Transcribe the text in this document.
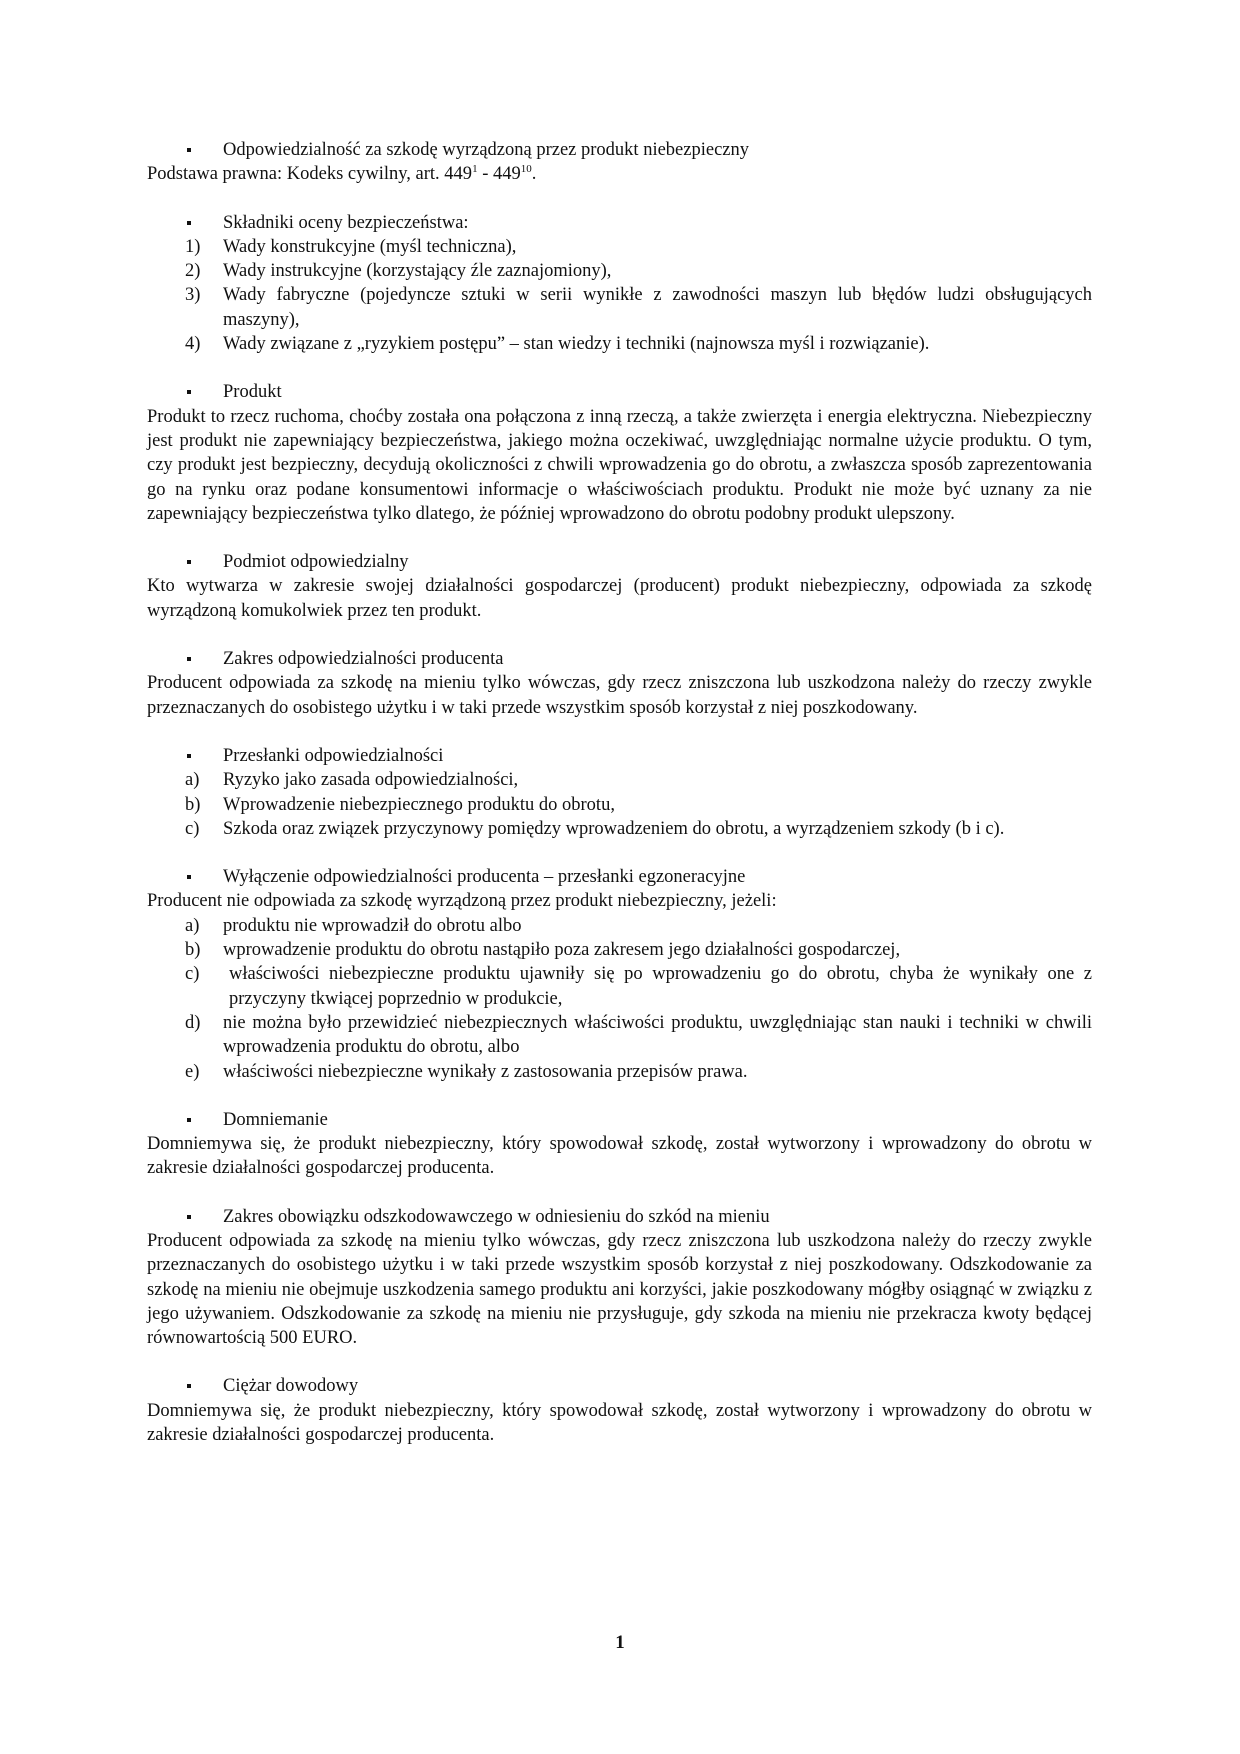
Odpowiedzialność za szkodę wyrządzoną przez produkt niebezpieczny
Podstawa prawna: Kodeks cywilny, art. $449^1 - 449^{10}$.
Składniki oceny bezpieczeństwa:
1) Wady konstrukcyjne (myśl techniczna),
2) Wady instrukcyjne (korzystający źle zaznajomiony),
3) Wady fabryczne (pojedyncze sztuki w serii wynikłe z zawodności maszyn lub błędów ludzi obsługujących maszyny),
4) Wady związane z „ryzykiem postępu” – stan wiedzy i techniki (najnowsza myśl i rozwiązanie).
Produkt
Produkt to rzecz ruchoma, choćby została ona połączona z inną rzeczą, a także zwierzęta i energia elektryczna. Niebezpieczny jest produkt nie zapewniający bezpieczeństwa, jakiego można oczekiwać, uwzględniając normalne użycie produktu. O tym, czy produkt jest bezpieczny, decydują okoliczności z chwili wprowadzenia go do obrotu, a zwłaszcza sposób zaprezentowania go na rynku oraz podane konsumentowi informacje o właściwościach produktu. Produkt nie może być uznany za nie zapewniający bezpieczeństwa tylko dlatego, że później wprowadzono do obrotu podobny produkt ulepszony.
Podmiot odpowiedzialny
Kto wytwarza w zakresie swojej działalności gospodarczej (producent) produkt niebezpieczny, odpowiada za szkodę wyrządzoną komukolwiek przez ten produkt.
Zakres odpowiedzialności producenta
Producent odpowiada za szkodę na mieniu tylko wówczas, gdy rzecz zniszczona lub uszkodzona należy do rzeczy zwykle przeznaczanych do osobistego użytku i w taki przede wszystkim sposób korzystał z niej poszkodowany.
Przesłanki odpowiedzialności
a) Ryzyko jako zasada odpowiedzialności,
b) Wprowadzenie niebezpiecznego produktu do obrotu,
c) Szkoda oraz związek przyczynowy pomiędzy wprowadzeniem do obrotu, a wyrządzeniem szkody (b i c).
Wyłączenie odpowiedzialności producenta – przesłanki egzoneracyjne
Producent nie odpowiada za szkodę wyrządzoną przez produkt niebezpieczny, jeżeli:
a) produktu nie wprowadził do obrotu albo
b) wprowadzenie produktu do obrotu nastąpiło poza zakresem jego działalności gospodarczej,
c) właściwości niebezpieczne produktu ujawniły się po wprowadzeniu go do obrotu, chyba że wynikały one z przyczyny tkwiącej poprzednio w produkcie,
d) nie można było przewidzieć niebezpiecznych właściwości produktu, uwzględniając stan nauki i techniki w chwili wprowadzenia produktu do obrotu, albo
e) właściwości niebezpieczne wynikały z zastosowania przepisów prawa.
Domniemanie
Domniemywa się, że produkt niebezpieczny, który spowodował szkodę, został wytworzony i wprowadzony do obrotu w zakresie działalności gospodarczej producenta.
Zakres obowiązku odszkodowawczego w odniesieniu do szkód na mieniu
Producent odpowiada za szkodę na mieniu tylko wówczas, gdy rzecz zniszczona lub uszkodzona należy do rzeczy zwykle przeznaczanych do osobistego użytku i w taki przede wszystkim sposób korzystał z niej poszkodowany. Odszkodowanie za szkodę na mieniu nie obejmuje uszkodzenia samego produktu ani korzyści, jakie poszkodowany mógłby osiągnąć w związku z jego używaniem. Odszkodowanie za szkodę na mieniu nie przysługuje, gdy szkoda na mieniu nie przekracza kwoty będącej równowartością 500 EURO.
Ciężar dowodowy
Domniemywa się, że produkt niebezpieczny, który spowodował szkodę, został wytworzony i wprowadzony do obrotu w zakresie działalności gospodarczej producenta.
1
